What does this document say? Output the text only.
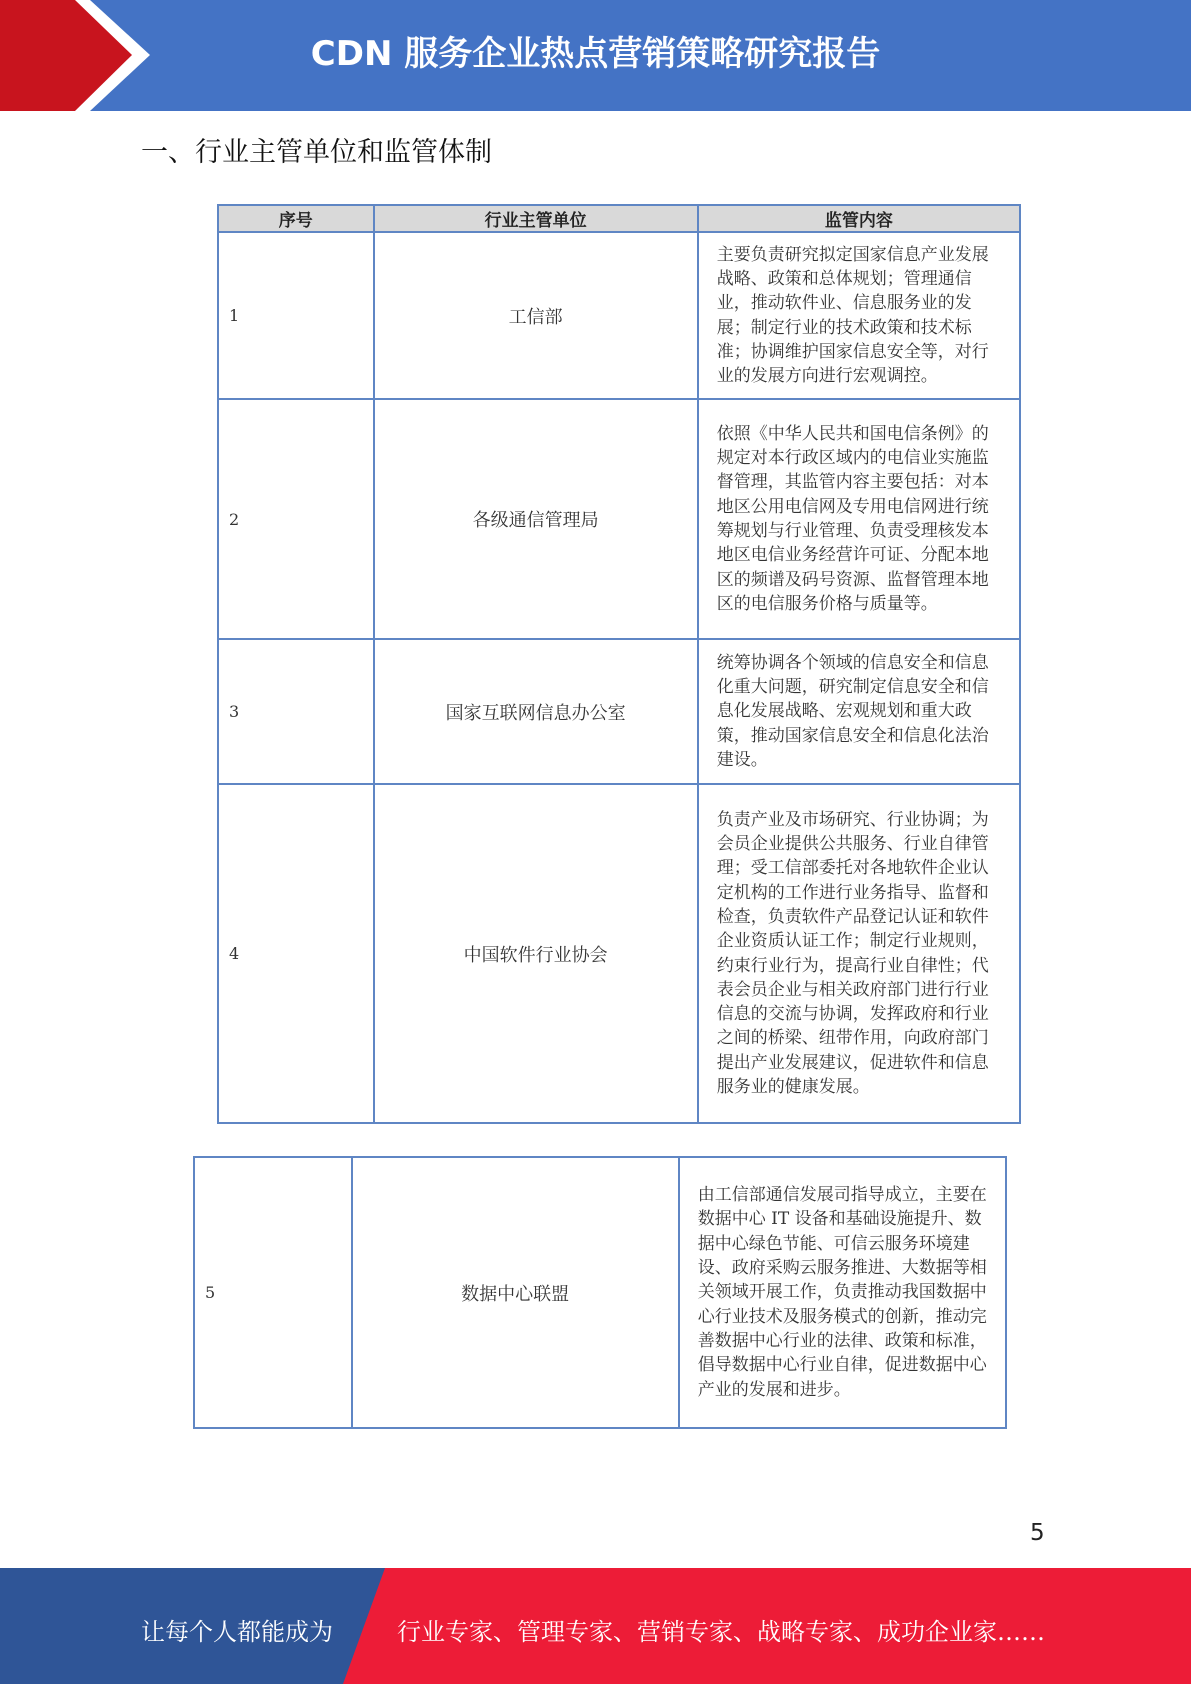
CDN 服务企业热点营销策略研究报告
一、行业主管单位和监管体制
序号	行业主管单位	监管内容
1	工信部	主要负责研究拟定国家信息产业发展战略、政策和总体规划；管理通信业，推动软件业、信息服务业的发展；制定行业的技术政策和技术标准；协调维护国家信息安全等，对行业的发展方向进行宏观调控。
2	各级通信管理局	依照《中华人民共和国电信条例》的规定对本行政区域内的电信业实施监督管理，其监管内容主要包括：对本地区公用电信网及专用电信网进行统筹规划与行业管理、负责受理核发本地区电信业务经营许可证、分配本地区的频谱及码号资源、监督管理本地区的电信服务价格与质量等。
3	国家互联网信息办公室	统筹协调各个领域的信息安全和信息化重大问题，研究制定信息安全和信息化发展战略、宏观规划和重大政策，推动国家信息安全和信息化法治建设。
4	中国软件行业协会	负责产业及市场研究、行业协调；为会员企业提供公共服务、行业自律管理；受工信部委托对各地软件企业认定机构的工作进行业务指导、监督和检查，负责软件产品登记认证和软件企业资质认证工作；制定行业规则，约束行业行为，提高行业自律性；代表会员企业与相关政府部门进行行业信息的交流与协调，发挥政府和行业之间的桥梁、纽带作用，向政府部门提出产业发展建议，促进软件和信息服务业的健康发展。
5	数据中心联盟	由工信部通信发展司指导成立，主要在数据中心 IT 设备和基础设施提升、数据中心绿色节能、可信云服务环境建设、政府采购云服务推进、大数据等相关领域开展工作，负责推动我国数据中心行业技术及服务模式的创新，推动完善数据中心行业的法律、政策和标准，倡导数据中心行业自律，促进数据中心产业的发展和进步。
5
让每个人都能成为	行业专家、管理专家、营销专家、战略专家、成功企业家……
